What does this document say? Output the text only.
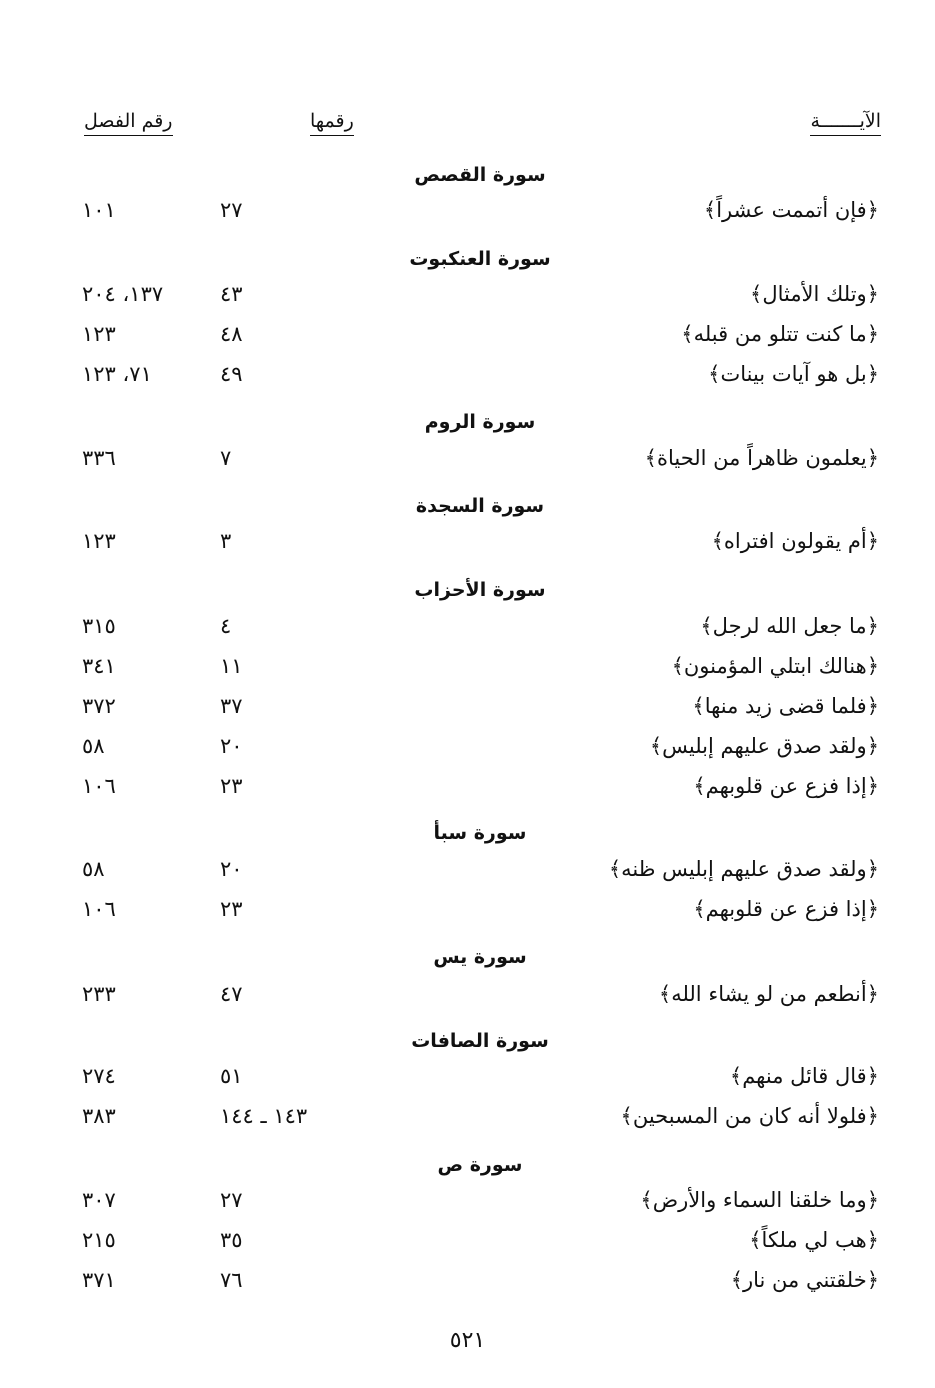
الآيـــــــة
رقمها
رقم الفصل
سورة القصص
﴿فإن أتممت عشراً﴾
٢٧
١٠١
سورة العنكبوت
﴿وتلك الأمثال﴾
٤٣
١٣٧، ٢٠٤
﴿ما كنت تتلو من قبله﴾
٤٨
١٢٣
﴿بل هو آيات بينات﴾
٤٩
٧١، ١٢٣
سورة الروم
﴿يعلمون ظاهراً من الحياة﴾
٧
٣٣٦
سورة السجدة
﴿أم يقولون افتراه﴾
٣
١٢٣
سورة الأحزاب
﴿ما جعل الله لرجل﴾
٤
٣١٥
﴿هنالك ابتلي المؤمنون﴾
١١
٣٤١
﴿فلما قضى زيد منها﴾
٣٧
٣٧٢
﴿ولقد صدق عليهم إبليس﴾
٢٠
٥٨
﴿إذا فزع عن قلوبهم﴾
٢٣
١٠٦
سورة سبأ
﴿ولقد صدق عليهم إبليس ظنه﴾
٢٠
٥٨
﴿إذا فزع عن قلوبهم﴾
٢٣
١٠٦
سورة يس
﴿أنطعم من لو يشاء الله﴾
٤٧
٢٣٣
سورة الصافات
﴿قال قائل منهم﴾
٥١
٢٧٤
﴿فلولا أنه كان من المسبحين﴾
١٤٣ ـ ١٤٤
٣٨٣
سورة ص
﴿وما خلقنا السماء والأرض﴾
٢٧
٣٠٧
﴿هب لي ملكاً﴾
٣٥
٢١٥
﴿خلقتني من نار﴾
٧٦
٣٧١
٥٢١
